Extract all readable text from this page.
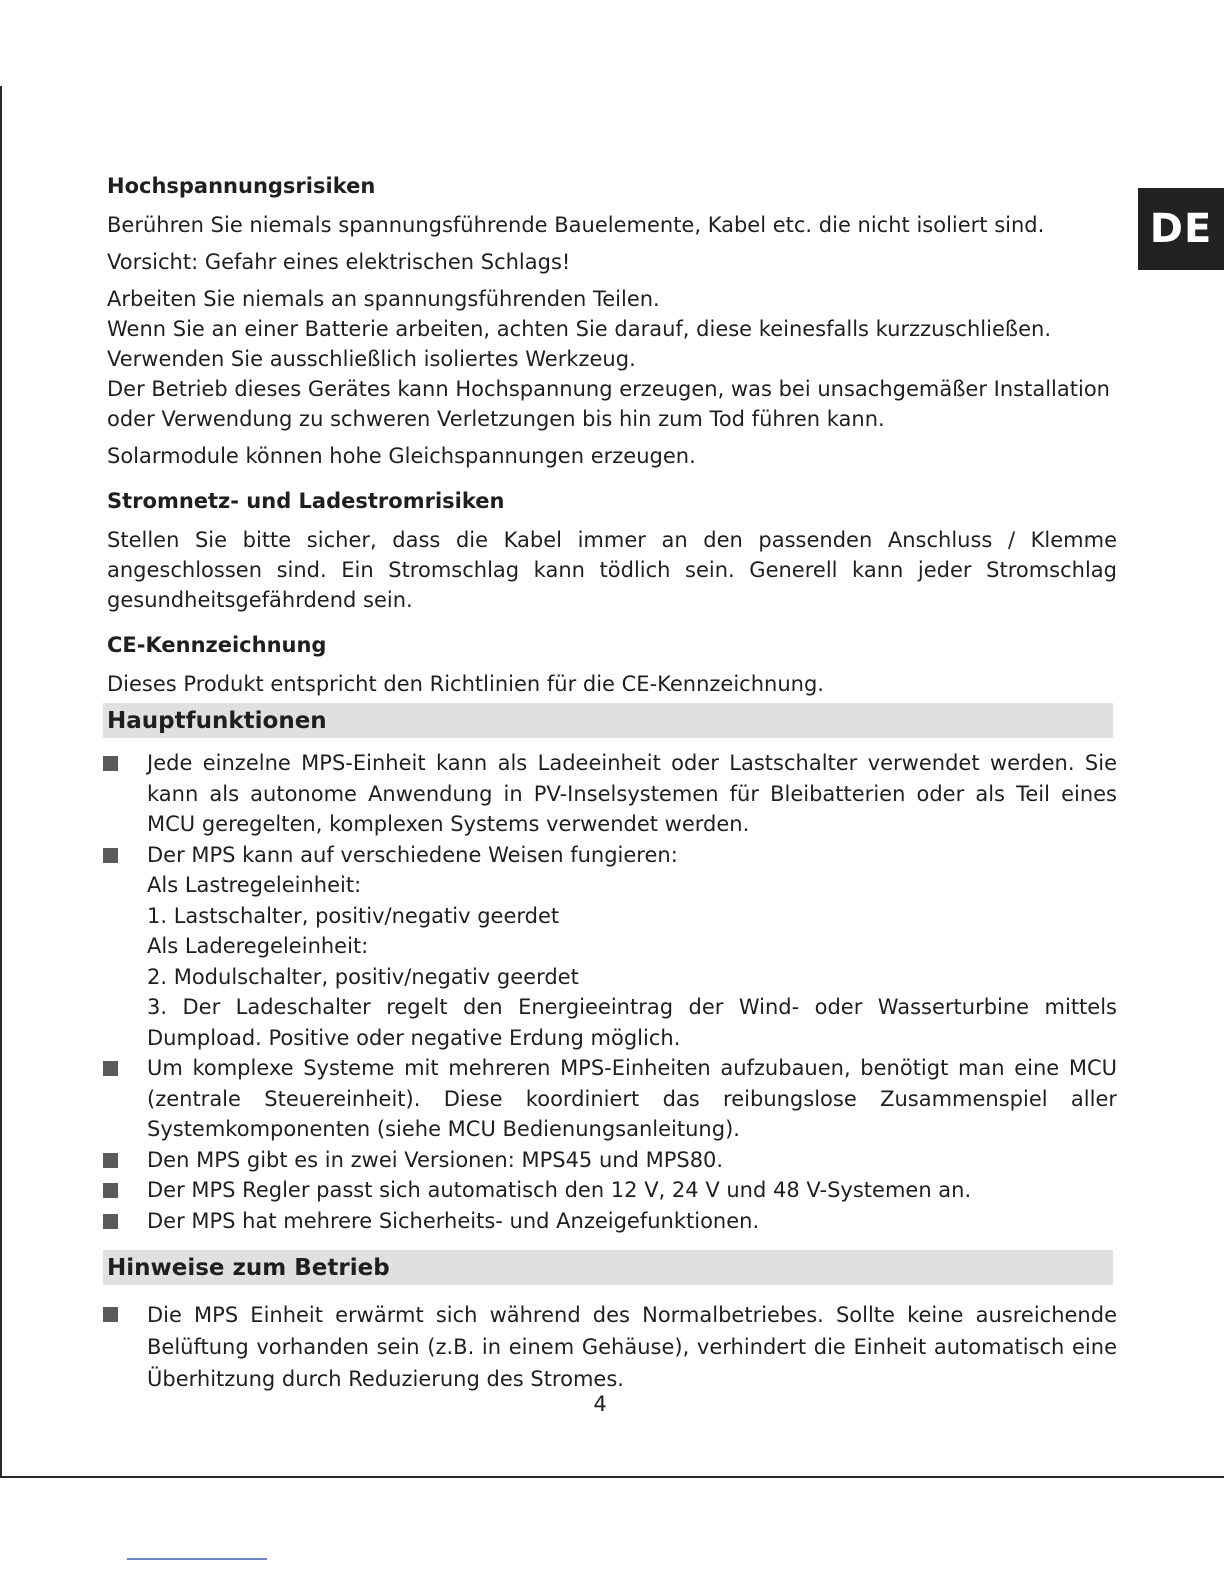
DE
Hochspannungsrisiken

Berühren Sie niemals spannungsführende Bauelemente, Kabel etc. die nicht isoliert sind.

Vorsicht: Gefahr eines elektrischen Schlags!

Arbeiten Sie niemals an spannungsführenden Teilen.

Wenn Sie an einer Batterie arbeiten, achten Sie darauf, diese keinesfalls kurzzuschließen.

Verwenden Sie ausschließlich isoliertes Werkzeug.

Der Betrieb dieses Gerätes kann Hochspannung erzeugen, was bei unsachgemäßer Installation oder Verwendung zu schweren Verletzungen bis hin zum Tod führen kann.

Solarmodule können hohe Gleichspannungen erzeugen.

Stromnetz- und Ladestromrisiken

Stellen Sie bitte sicher, dass die Kabel immer an den passenden Anschluss / Klemme angeschlossen sind. Ein Stromschlag kann tödlich sein. Generell kann jeder Stromschlag gesundheitsgefährdend sein.

CE-Kennzeichnung

Dieses Produkt entspricht den Richtlinien für die CE-Kennzeichnung.

Hauptfunktionen
Jede einzelne MPS-Einheit kann als Ladeeinheit oder Lastschalter verwendet werden. Sie kann als autonome Anwendung in PV-Inselsystemen für Bleibatterien oder als Teil eines MCU geregelten, komplexen Systems verwendet werden.
Der MPS kann auf verschiedene Weisen fungieren:
Als Lastregeleinheit:
1. Lastschalter, positiv/negativ geerdet
Als Laderegeleinheit:
2. Modulschalter, positiv/negativ geerdet
3. Der Ladeschalter regelt den Energieeintrag der Wind- oder Wasserturbine mittels Dumpload. Positive oder negative Erdung möglich.
Um komplexe Systeme mit mehreren MPS-Einheiten aufzubauen, benötigt man eine MCU (zentrale Steuereinheit). Diese koordiniert das reibungslose Zusammenspiel aller Systemkomponenten (siehe MCU Bedienungsanleitung).
Den MPS gibt es in zwei Versionen: MPS45 und MPS80.
Der MPS Regler passt sich automatisch den 12 V, 24 V und 48 V-Systemen an.
Der MPS hat mehrere Sicherheits- und Anzeigefunktionen.
Hinweise zum Betrieb
Die MPS Einheit erwärmt sich während des Normalbetriebes. Sollte keine ausreichende Belüftung vorhanden sein (z.B. in einem Gehäuse), verhindert die Einheit automatisch eine Überhitzung durch Reduzierung des Stromes.
4
